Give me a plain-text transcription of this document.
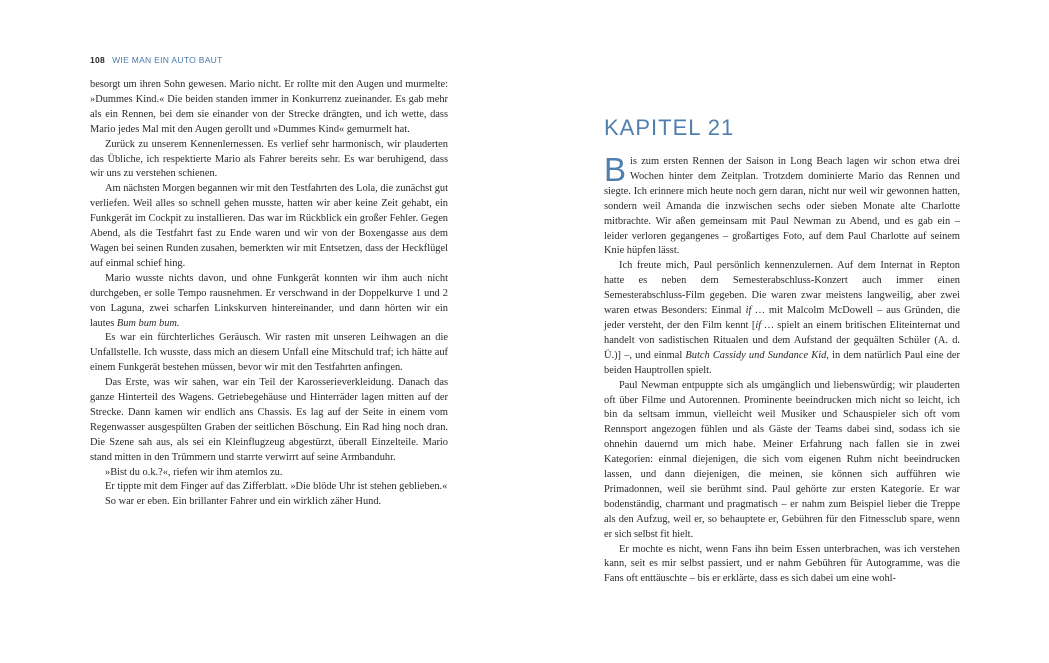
108 WIE MAN EIN AUTO BAUT

besorgt um ihren Sohn gewesen. Mario nicht. Er rollte mit den Augen und murmelte: »Dummes Kind.« Die beiden standen immer in Konkurrenz zueinander. Es gab mehr als ein Rennen, bei dem sie einander von der Strecke drängten, und ich wette, dass Mario jedes Mal mit den Augen gerollt und »Dummes Kind« gemurmelt hat.

Zurück zu unserem Kennenlernessen. Es verlief sehr harmonisch, wir plauderten das Übliche, ich respektierte Mario als Fahrer bereits sehr. Es war beruhigend, dass wir uns zu verstehen schienen.

Am nächsten Morgen begannen wir mit den Testfahrten des Lola, die zunächst gut verliefen. Weil alles so schnell gehen musste, hatten wir aber keine Zeit gehabt, ein Funkgerät im Cockpit zu installieren. Das war im Rückblick ein großer Fehler. Gegen Abend, als die Testfahrt fast zu Ende waren und wir von der Boxengasse aus dem Wagen bei seinen Runden zusahen, bemerkten wir mit Entsetzen, dass der Heckflügel auf einmal schief hing.

Mario wusste nichts davon, und ohne Funkgerät konnten wir ihm auch nicht durchgeben, er solle Tempo rausnehmen. Er verschwand in der Doppelkurve 1 und 2 von Laguna, zwei scharfen Linkskurven hintereinander, und dann hörten wir ein lautes Bum bum bum.

Es war ein fürchterliches Geräusch. Wir rasten mit unseren Leihwagen an die Unfallstelle. Ich wusste, dass mich an diesem Unfall eine Mitschuld traf; ich hätte auf einem Funkgerät bestehen müssen, bevor wir mit den Testfahrten anfingen.

Das Erste, was wir sahen, war ein Teil der Karosserieverkleidung. Danach das ganze Hinterteil des Wagens. Getriebegehäuse und Hinterräder lagen mitten auf der Strecke. Dann kamen wir endlich ans Chassis. Es lag auf der Seite in einem vom Regenwasser ausgespülten Graben der seitlichen Böschung. Ein Rad hing noch dran. Die Szene sah aus, als sei ein Kleinflugzeug abgestürzt, überall Einzelteile. Mario stand mitten in den Trümmern und starrte verwirrt auf seine Armbanduhr.

»Bist du o.k.?«, riefen wir ihm atemlos zu.

Er tippte mit dem Finger auf das Zifferblatt. »Die blöde Uhr ist stehen geblieben.«

So war er eben. Ein brillanter Fahrer und ein wirklich zäher Hund.

KAPITEL 21

Bis zum ersten Rennen der Saison in Long Beach lagen wir schon etwa drei Wochen hinter dem Zeitplan. Trotzdem dominierte Mario das Rennen und siegte. Ich erinnere mich heute noch gern daran, nicht nur weil wir gewonnen hatten, sondern weil Amanda die inzwischen sechs oder sieben Monate alte Charlotte mitbrachte. Wir aßen gemeinsam mit Paul Newman zu Abend, und es gab ein – leider verloren gegangenes – großartiges Foto, auf dem Paul Charlotte auf seinem Knie hüpfen lässt.

Ich freute mich, Paul persönlich kennenzulernen. Auf dem Internat in Repton hatte es neben dem Semesterabschluss-Konzert auch immer einen Semesterabschluss-Film gegeben. Die waren zwar meistens langweilig, aber zwei waren etwas Besonders: Einmal if … mit Malcolm McDowell – aus Gründen, die jeder versteht, der den Film kennt [if … spielt an einem britischen Eliteinternat und handelt von sadistischen Ritualen und dem Aufstand der gequälten Schüler (A. d. Ü.)] –, und einmal Butch Cassidy und Sundance Kid, in dem natürlich Paul eine der beiden Hauptrollen spielt.

Paul Newman entpuppte sich als umgänglich und liebenswürdig; wir plauderten oft über Filme und Autorennen. Prominente beeindrucken mich nicht so leicht, ich bin da seltsam immun, vielleicht weil Musiker und Schauspieler sich oft vom Rennsport angezogen fühlen und als Gäste der Teams dabei sind, sodass ich sie ohnehin dauernd um mich habe. Meiner Erfahrung nach fallen sie in zwei Kategorien: einmal diejenigen, die sich vom eigenen Ruhm nicht beeindrucken lassen, und dann diejenigen, die meinen, sie können sich aufführen wie Primadonnen, weil sie berühmt sind. Paul gehörte zur ersten Kategorie. Er war bodenständig, charmant und pragmatisch – er nahm zum Beispiel lieber die Treppe als den Aufzug, weil er, so behauptete er, Gebühren für den Fitnessclub spare, wenn er sich selbst fit hielt.

Er mochte es nicht, wenn Fans ihn beim Essen unterbrachen, was ich verstehen kann, seit es mir selbst passiert, und er nahm Gebühren für Autogramme, was die Fans oft enttäuschte – bis er erklärte, dass es sich dabei um eine wohl-
